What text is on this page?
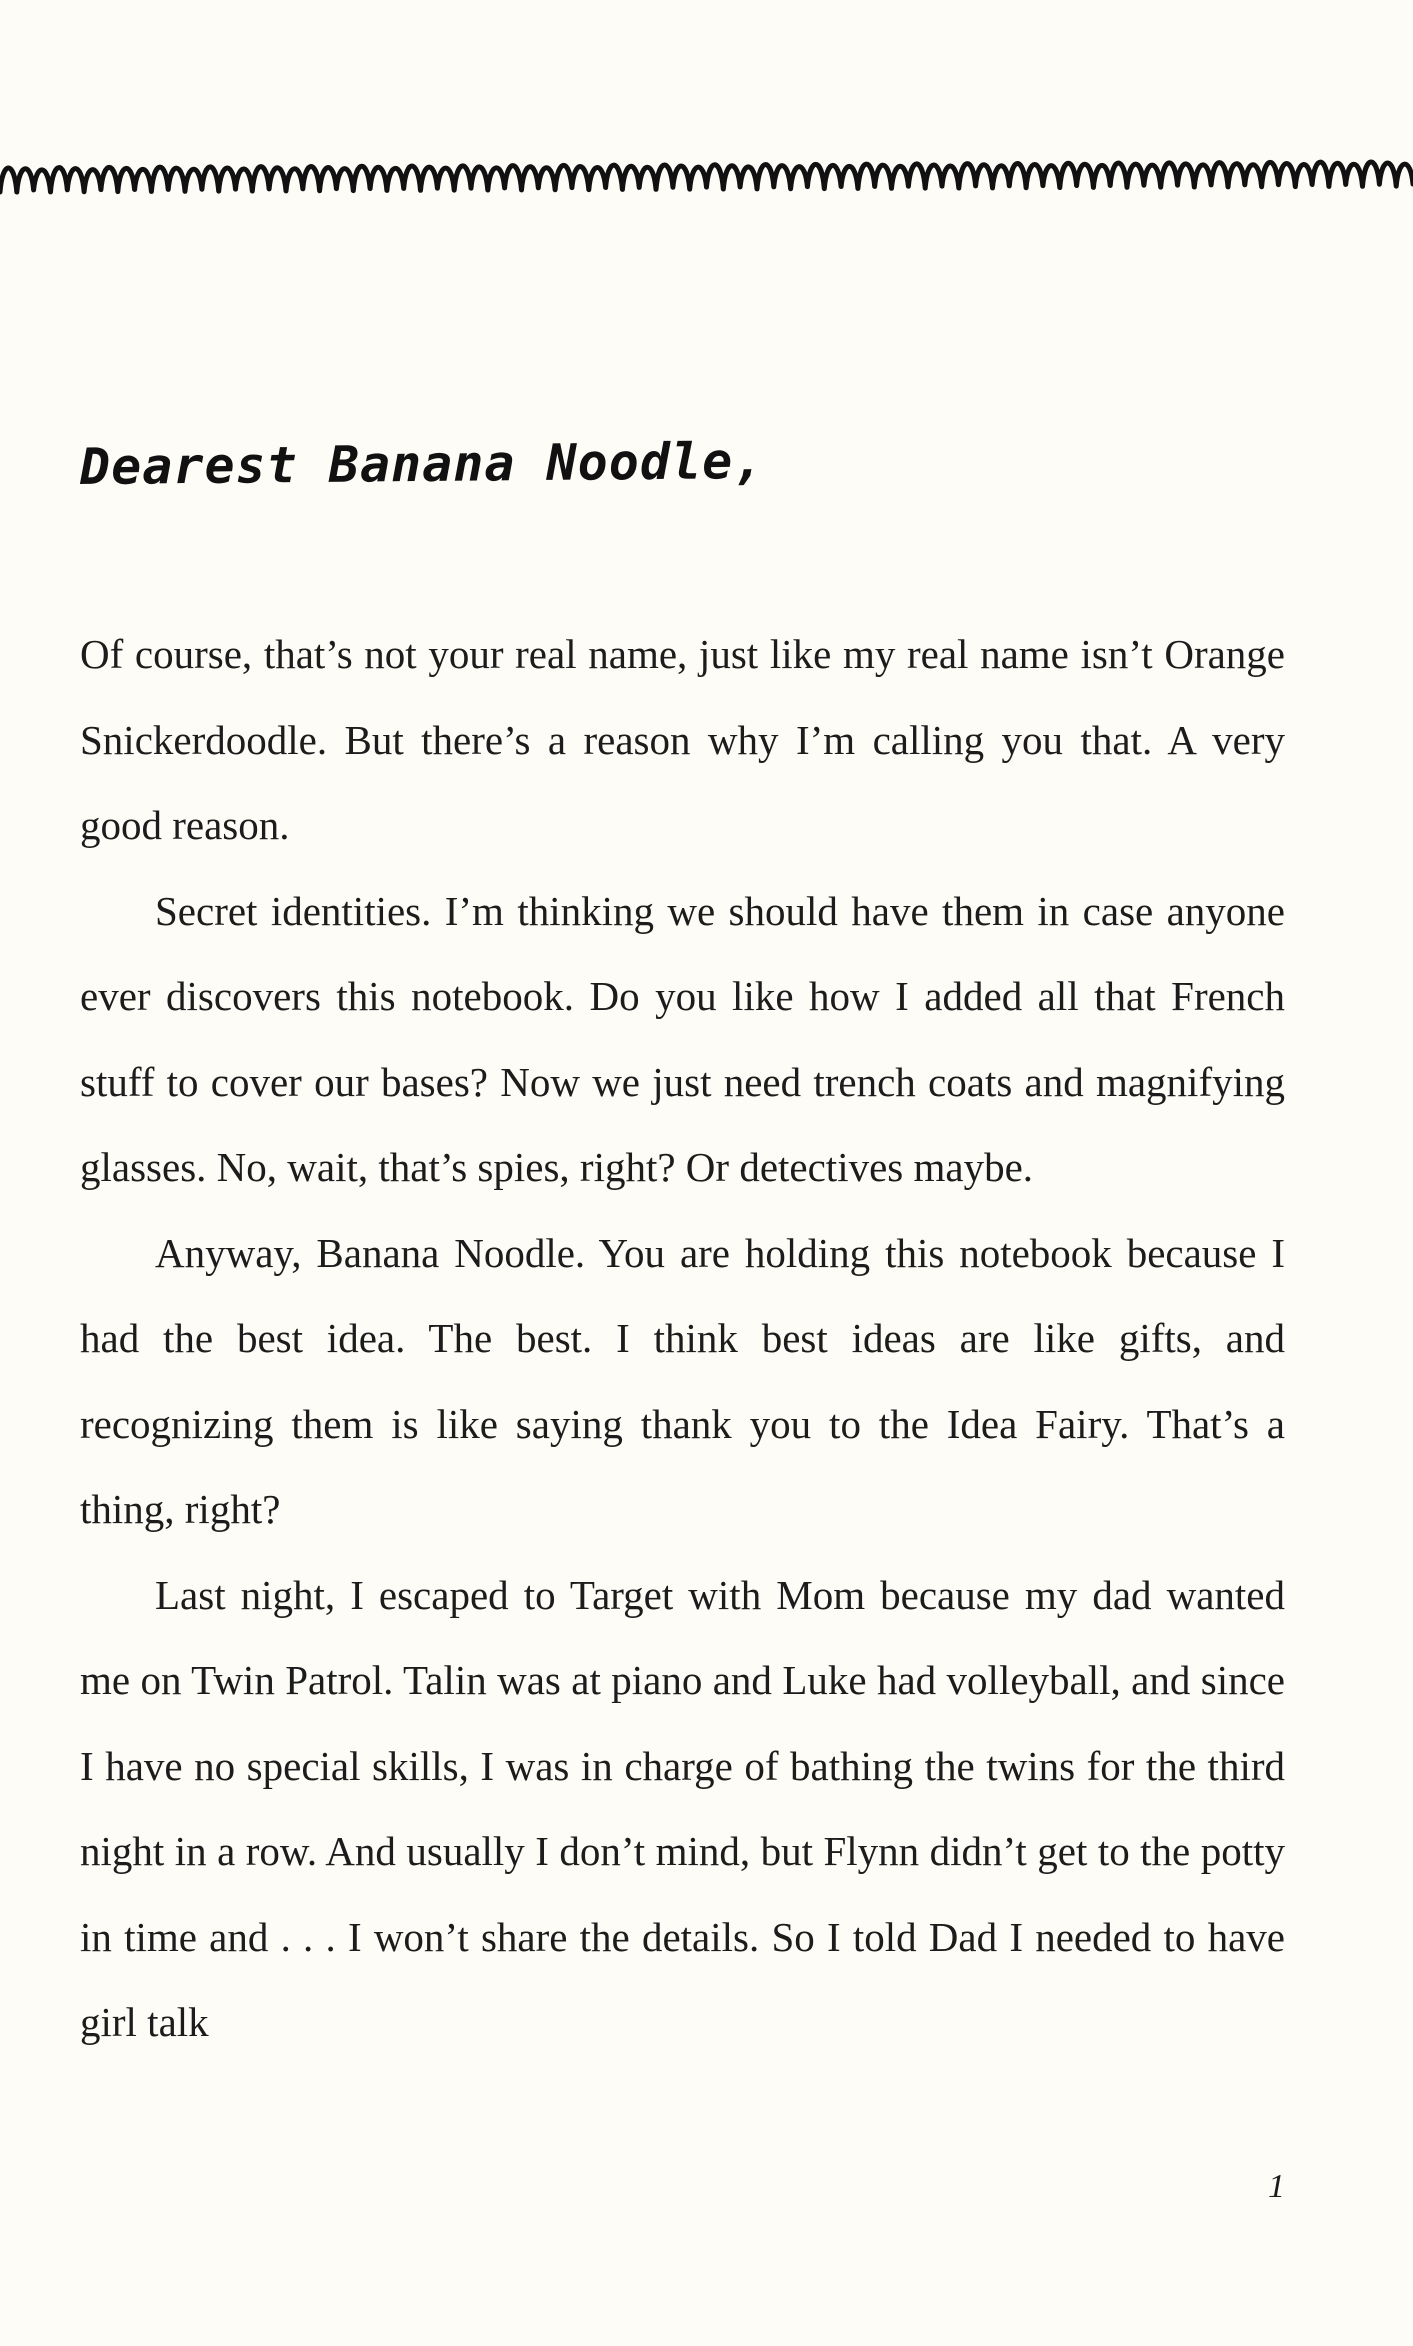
Dearest Banana Noodle,

Of course, that’s not your real name, just like my real name isn’t Orange Snickerdoodle. But there’s a reason why I’m calling you that. A very good reason.

Secret identities. I’m thinking we should have them in case anyone ever discovers this notebook. Do you like how I added all that French stuff to cover our bases? Now we just need trench coats and magnifying glasses. No, wait, that’s spies, right? Or detectives maybe.

Anyway, Banana Noodle. You are holding this notebook because I had the best idea. The best. I think best ideas are like gifts, and recognizing them is like saying thank you to the Idea Fairy. That’s a thing, right?

Last night, I escaped to Target with Mom because my dad wanted me on Twin Patrol. Talin was at piano and Luke had volleyball, and since I have no special skills, I was in charge of bathing the twins for the third night in a row. And usually I don’t mind, but Flynn didn’t get to the potty in time and . . . I won’t share the details. So I told Dad I needed to have girl talk

1
